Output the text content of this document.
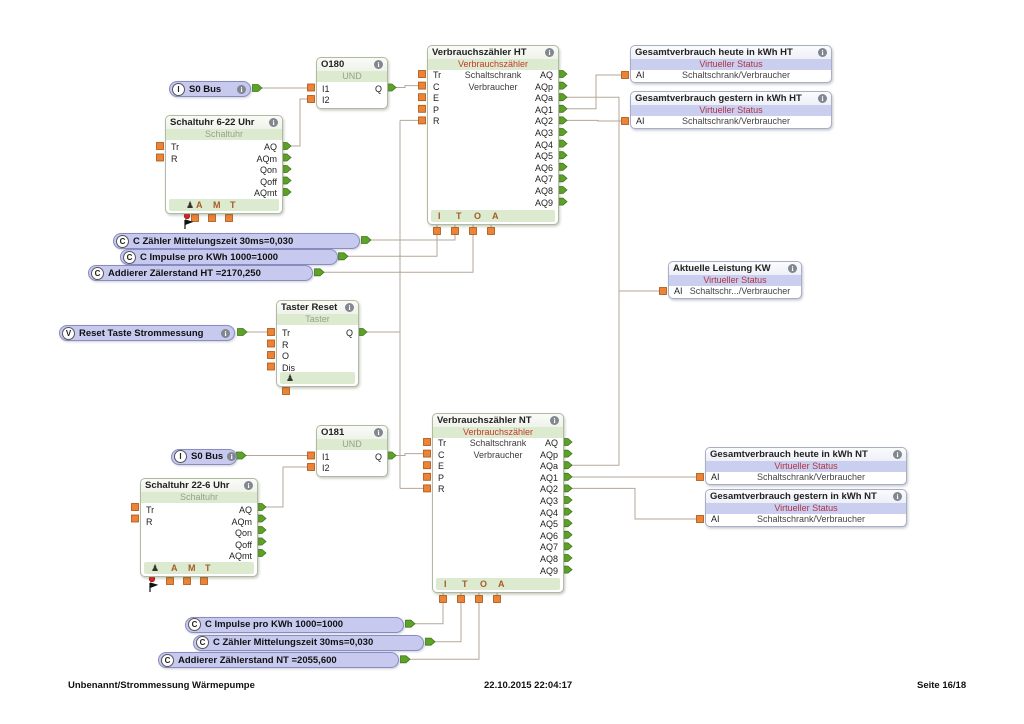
I S0 Bus
i
I S0 Bus
i
V Reset Taste Strommessung
i
C C Zähler Mittelungszeit 30ms=0,030
C C Impulse pro KWh 1000=1000
C Addierer Zälerstand HT =2170,250
C C Impulse pro KWh 1000=1000
C C Zähler Mittelungszeit 30ms=0,030
C Addierer Zählerstand NT =2055,600
O180
i
UND
I1
I2
Q
Schaltuhr 6-22 Uhr
i
Schaltuhr
Tr
R
AQ
AQm
Qon
Qoff
AQmt
♟ A M T
Verbrauchszähler HT
i
Verbrauchszähler
Tr
C
E
P
R
Schaltschrank
Verbraucher
AQ
AQp
AQa
AQ1
AQ2
AQ3
AQ4
AQ5
AQ6
AQ7
AQ8
AQ9
I T O A
Taster Reset
i
Taster
Tr
R
O
Dis
Q
♟
Gesamtverbrauch heute in kWh HT
i
Virtueller Status
AI	Schaltschrank/Verbraucher
Gesamtverbrauch gestern in kWh HT
i
Virtueller Status
AI	Schaltschrank/Verbraucher
Aktuelle Leistung KW
i
Virtueller Status
AI Schaltschr.../Verbraucher
O181
i
UND
I1
I2
Q
Schaltuhr 22-6 Uhr
i
Schaltuhr
Tr
R
AQ
AQm
Qon
Qoff
AQmt
♟ A M T
Verbrauchszähler NT
i
Verbrauchszähler
Tr
C
E
P
R
Schaltschrank
Verbraucher
AQ
AQp
AQa
AQ1
AQ2
AQ3
AQ4
AQ5
AQ6
AQ7
AQ8
AQ9
I T O A
Gesamtverbrauch heute in kWh NT
i
Virtueller Status
AI	Schaltschrank/Verbraucher
Gesamtverbrauch gestern in kWh NT
i
Virtueller Status
AI	Schaltschrank/Verbraucher
Unbenannt/Strommessung Wärmepumpe	22.10.2015 22:04:17	Seite 16/18
